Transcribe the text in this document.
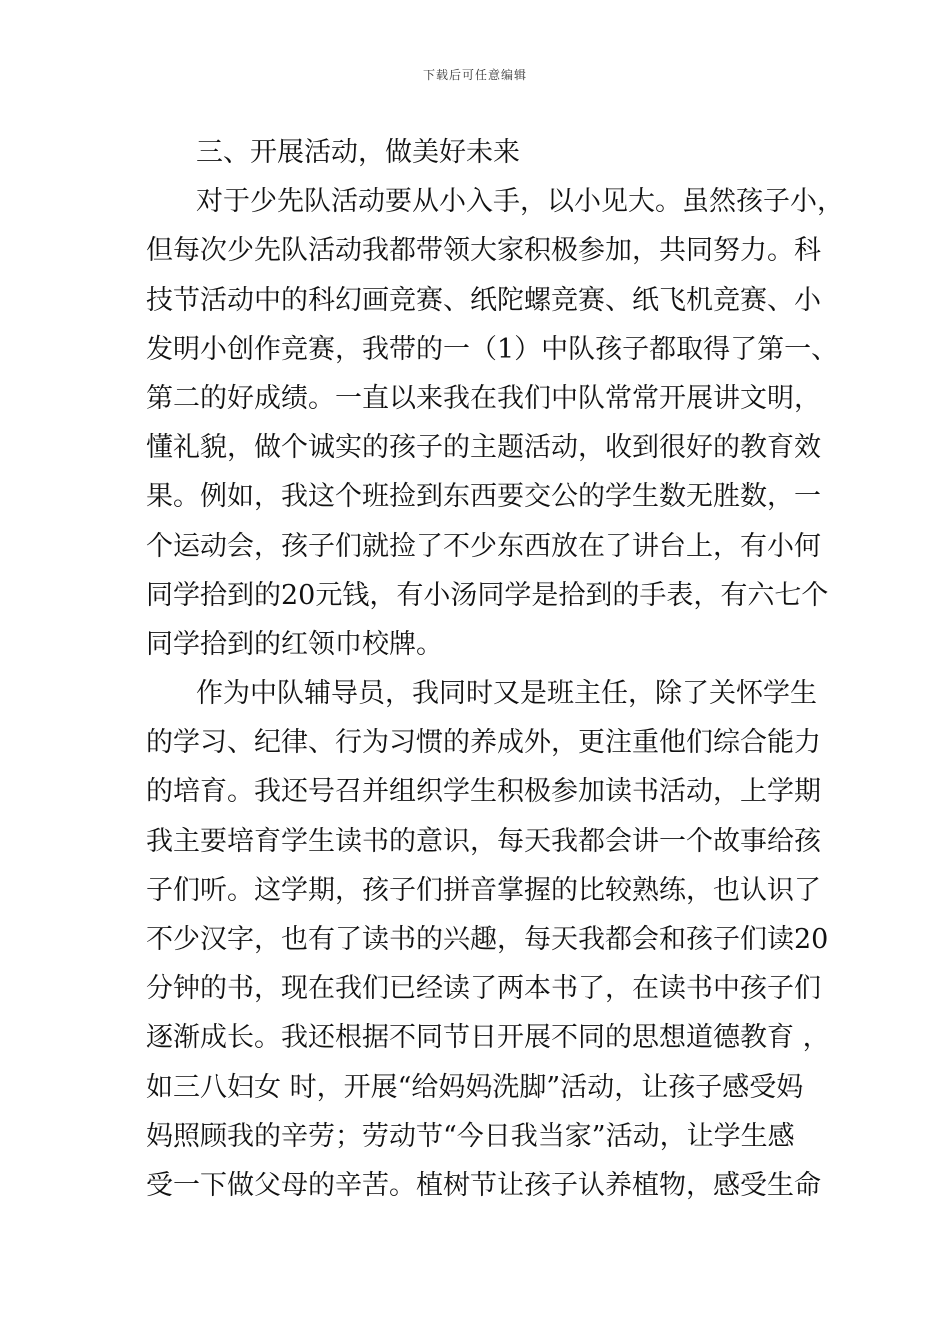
下载后可任意编辑
三、开展活动，做美好未来
对于少先队活动要从小入手，以小见大。虽然孩子小，
但每次少先队活动我都带领大家积极参加，共同努力。科
技节活动中的科幻画竞赛、纸陀螺竞赛、纸飞机竞赛、小
发明小创作竞赛，我带的一（1）中队孩子都取得了第一、
第二的好成绩。一直以来我在我们中队常常开展讲文明，
懂礼貌，做个诚实的孩子的主题活动，收到很好的教育效
果。例如，我这个班捡到东西要交公的学生数无胜数，一
个运动会，孩子们就捡了不少东西放在了讲台上，有小何
同学拾到的20元钱，有小汤同学是拾到的手表，有六七个
同学拾到的红领巾校牌。
作为中队辅导员，我同时又是班主任，除了关怀学生
的学习、纪律、行为习惯的养成外，更注重他们综合能力
的培育。我还号召并组织学生积极参加读书活动，上学期
我主要培育学生读书的意识，每天我都会讲一个故事给孩
子们听。这学期，孩子们拼音掌握的比较熟练，也认识了
不少汉字，也有了读书的兴趣，每天我都会和孩子们读20
分钟的书，现在我们已经读了两本书了，在读书中孩子们
逐渐成长。我还根据不同节日开展不同的思想道德教育 ，
如三八妇女 时，开展“给妈妈洗脚”活动，让孩子感受妈
妈照顾我的辛劳；劳动节“今日我当家”活动，让学生感
受一下做父母的辛苦。植树节让孩子认养植物，感受生命
